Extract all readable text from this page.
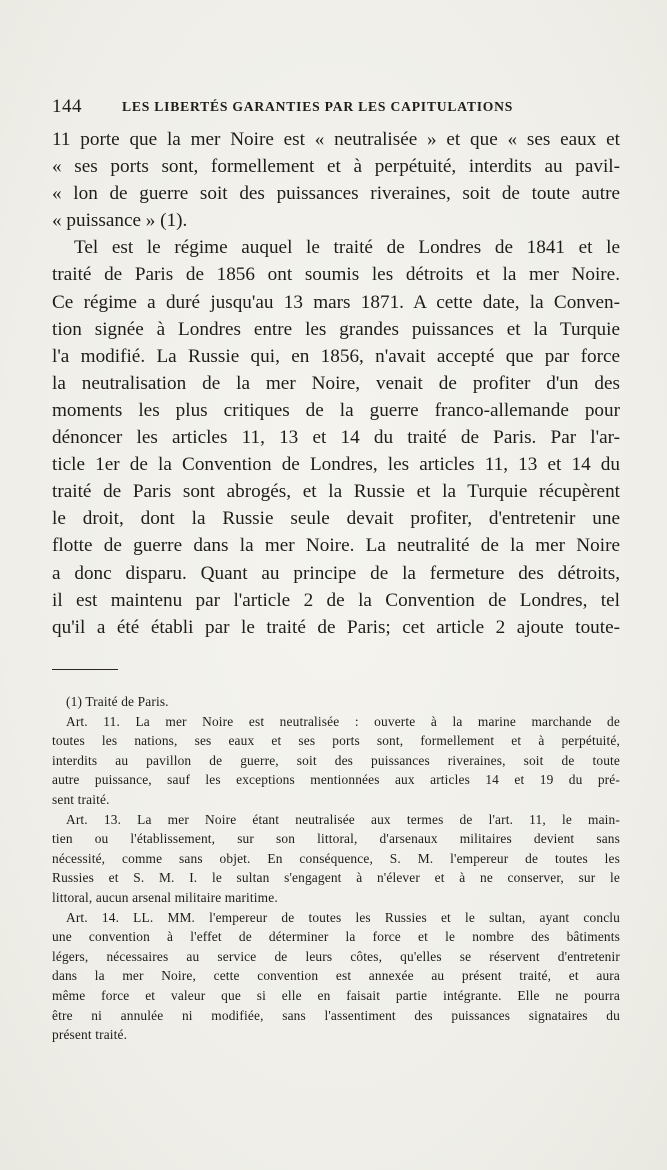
144	LES LIBERTÉS GARANTIES PAR LES CAPITULATIONS
11 porte que la mer Noire est « neutralisée » et que « ses eaux et
« ses ports sont, formellement et à perpétuité, interdits au pavil-
« lon de guerre soit des puissances riveraines, soit de toute autre
« puissance » (1).
Tel est le régime auquel le traité de Londres de 1841 et le
traité de Paris de 1856 ont soumis les détroits et la mer Noire.
Ce régime a duré jusqu'au 13 mars 1871. A cette date, la Conven-
tion signée à Londres entre les grandes puissances et la Turquie
l'a modifié. La Russie qui, en 1856, n'avait accepté que par force
la neutralisation de la mer Noire, venait de profiter d'un des
moments les plus critiques de la guerre franco-allemande pour
dénoncer les articles 11, 13 et 14 du traité de Paris. Par l'ar-
ticle 1er de la Convention de Londres, les articles 11, 13 et 14 du
traité de Paris sont abrogés, et la Russie et la Turquie récupèrent
le droit, dont la Russie seule devait profiter, d'entretenir une
flotte de guerre dans la mer Noire. La neutralité de la mer Noire
a donc disparu. Quant au principe de la fermeture des détroits,
il est maintenu par l'article 2 de la Convention de Londres, tel
qu'il a été établi par le traité de Paris; cet article 2 ajoute toute-
(1) Traité de Paris.
Art. 11. La mer Noire est neutralisée : ouverte à la marine marchande de
toutes les nations, ses eaux et ses ports sont, formellement et à perpétuité,
interdits au pavillon de guerre, soit des puissances riveraines, soit de toute
autre puissance, sauf les exceptions mentionnées aux articles 14 et 19 du pré-
sent traité.
Art. 13. La mer Noire étant neutralisée aux termes de l'art. 11, le main-
tien ou l'établissement, sur son littoral, d'arsenaux militaires devient sans
nécessité, comme sans objet. En conséquence, S. M. l'empereur de toutes les
Russies et S. M. I. le sultan s'engagent à n'élever et à ne conserver, sur le
littoral, aucun arsenal militaire maritime.
Art. 14. LL. MM. l'empereur de toutes les Russies et le sultan, ayant conclu
une convention à l'effet de déterminer la force et le nombre des bâtiments
légers, nécessaires au service de leurs côtes, qu'elles se réservent d'entretenir
dans la mer Noire, cette convention est annexée au présent traité, et aura
même force et valeur que si elle en faisait partie intégrante. Elle ne pourra
être ni annulée ni modifiée, sans l'assentiment des puissances signataires du
présent traité.
